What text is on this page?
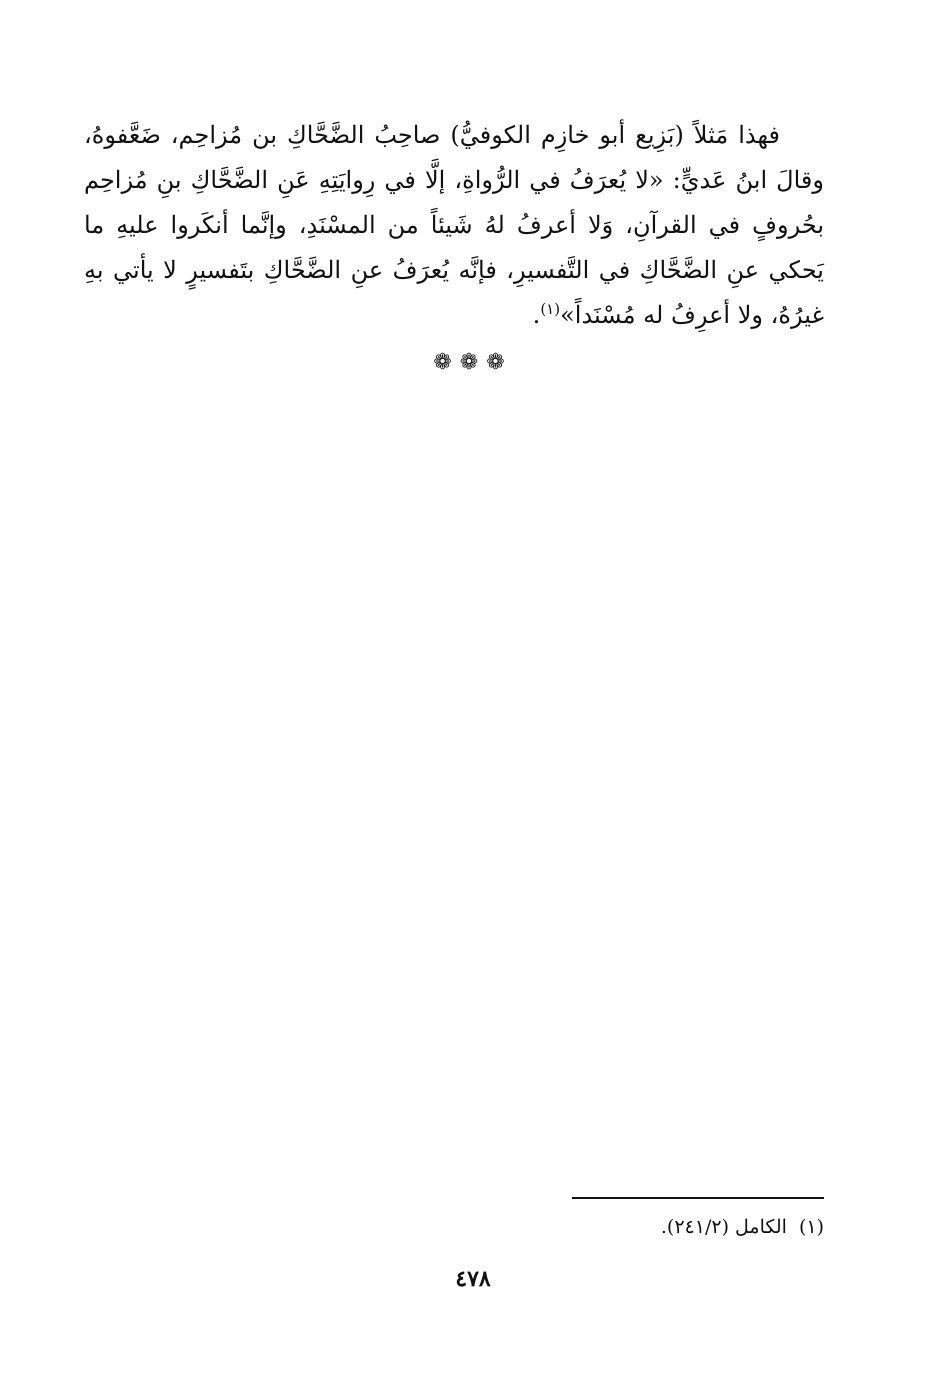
فهذا مَثلاً (بَزِيع أبو خازِم الكوفيُّ) صاحِبُ الضَّحَّاكِ بن مُزاحِم، ضَعَّفوهُ، وقالَ ابنُ عَديٍّ: «لا يُعرَفُ في الرُّواةِ، إلَّا في رِوايَتِهِ عَنِ الضَّحَّاكِ بنِ مُزاحِم بحُروفٍ في القرآنِ، وَلا أعرفُ لهُ شَيئاً من المسْنَدِ، وإنَّما أنكَروا عليهِ ما يَحكي عنِ الضَّحَّاكِ في التَّفسيرِ، فإنَّه يُعرَفُ عنِ الضَّحَّاكِ بتَفسيرٍ لا يأتي بهِ غيرُهُ، ولا أعرِفُ له مُسْنَداً»$^{(١)}$.

❁❁❁
(١)الكامل (٢٤١/٢).
٤٧٨
